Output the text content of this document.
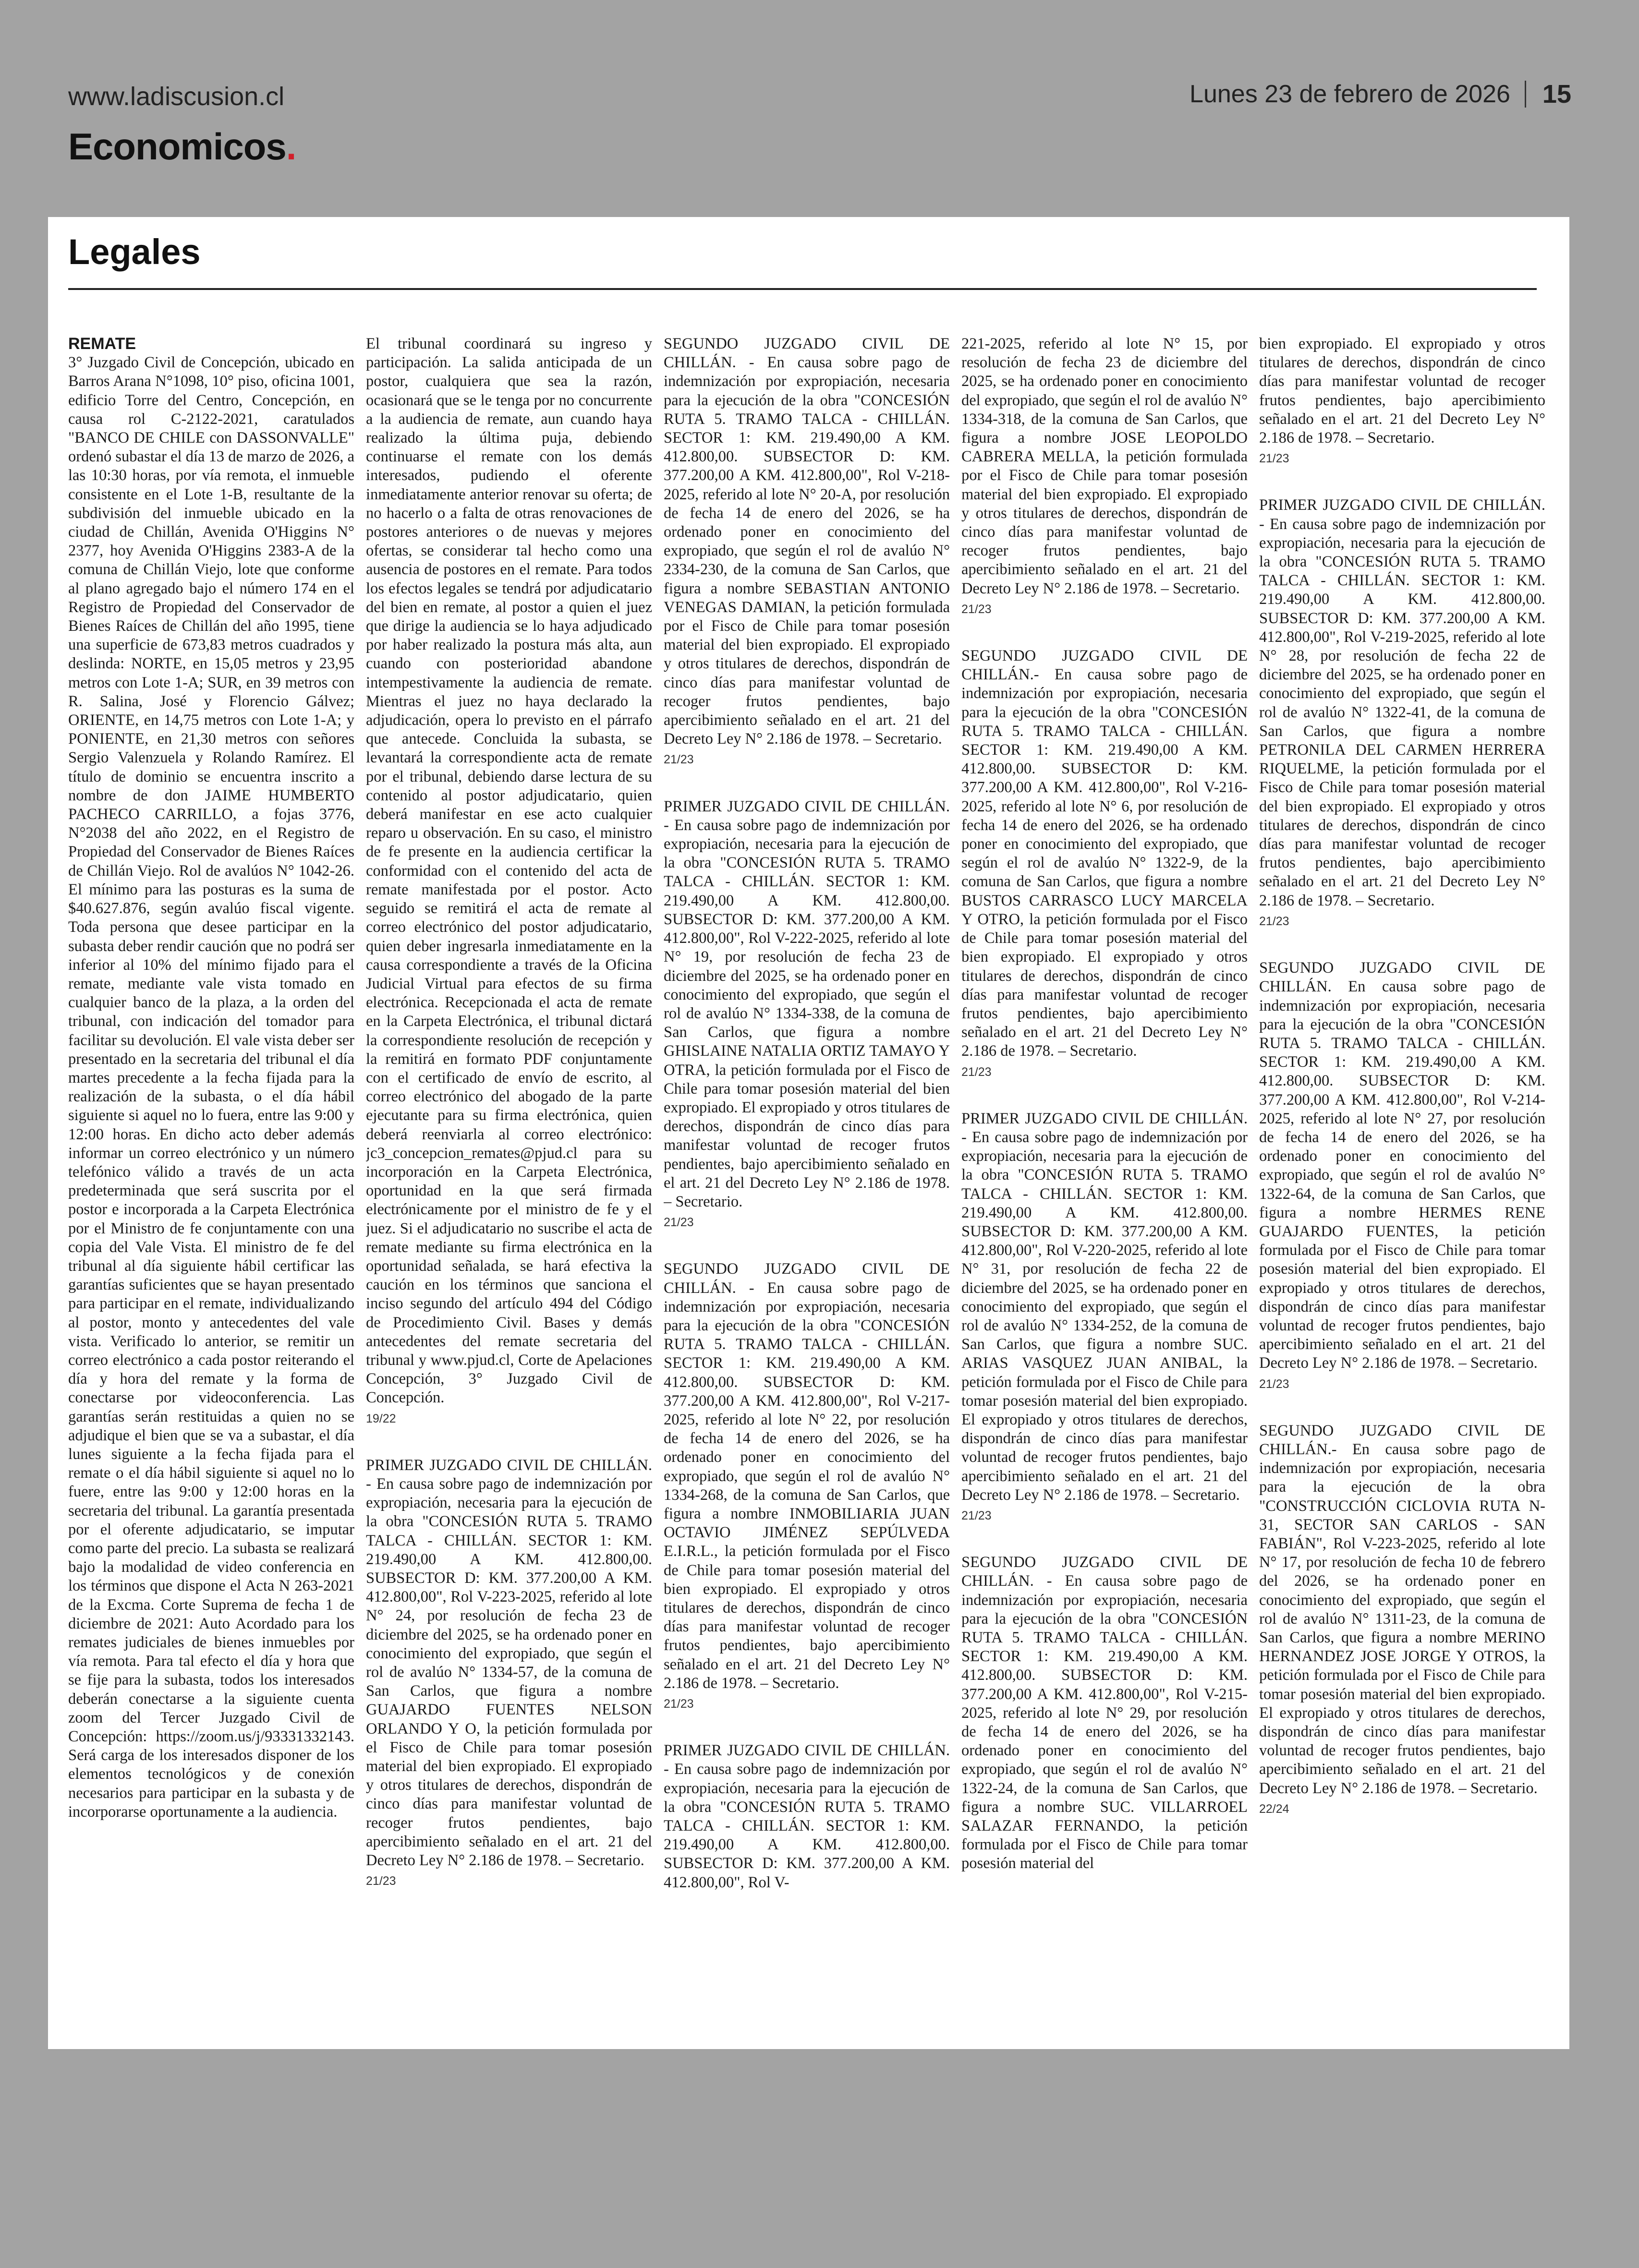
www.ladiscusion.cl	Lunes 23 de febrero de 2026 15
Economicos.
Legales
REMATE

3° Juzgado Civil de Concepción, ubicado en Barros Arana N°1098, 10° piso, oficina 1001, edificio Torre del Centro, Concepción, en causa rol C-2122-2021, caratulados "BANCO DE CHILE con DASSONVALLE" ordenó subastar el día 13 de marzo de 2026, a las 10:30 horas, por vía remota, el inmueble consistente en el Lote 1-B, resultante de la subdivisión del inmueble ubicado en la ciudad de Chillán, Avenida O'Higgins N° 2377, hoy Avenida O'Higgins 2383-A de la comuna de Chillán Viejo, lote que conforme al plano agregado bajo el número 174 en el Registro de Propiedad del Conservador de Bienes Raíces de Chillán del año 1995, tiene una superficie de 673,83 metros cuadrados y deslinda: NORTE, en 15,05 metros y 23,95 metros con Lote 1-A; SUR, en 39 metros con R. Salina, José y Florencio Gálvez; ORIENTE, en 14,75 metros con Lote 1-A; y PONIENTE, en 21,30 metros con señores Sergio Valenzuela y Rolando Ramírez. El título de dominio se encuentra inscrito a nombre de don JAIME HUMBERTO PACHECO CARRILLO, a fojas 3776, N°2038 del año 2022, en el Registro de Propiedad del Conservador de Bienes Raíces de Chillán Viejo. Rol de avalúos N° 1042-26. El mínimo para las posturas es la suma de $40.627.876, según avalúo fiscal vigente. Toda persona que desee participar en la subasta deber rendir caución que no podrá ser inferior al 10% del mínimo fijado para el remate, mediante vale vista tomado en cualquier banco de la plaza, a la orden del tribunal, con indicación del tomador para facilitar su devolución. El vale vista deber ser presentado en la secretaria del tribunal el día martes precedente a la fecha fijada para la realización de la subasta, o el día hábil siguiente si aquel no lo fuera, entre las 9:00 y 12:00 horas. En dicho acto deber además informar un correo electrónico y un número telefónico válido a través de un acta predeterminada que será suscrita por el postor e incorporada a la Carpeta Electrónica por el Ministro de fe conjuntamente con una copia del Vale Vista. El ministro de fe del tribunal al día siguiente hábil certificar las garantías suficientes que se hayan presentado para participar en el remate, individualizando al postor, monto y antecedentes del vale vista. Verificado lo anterior, se remitir un correo electrónico a cada postor reiterando el día y hora del remate y la forma de conectarse por videoconferencia. Las garantías serán restituidas a quien no se adjudique el bien que se va a subastar, el día lunes siguiente a la fecha fijada para el remate o el día hábil siguiente si aquel no lo fuere, entre las 9:00 y 12:00 horas en la secretaria del tribunal. La garantía presentada por el oferente adjudicatario, se imputar como parte del precio. La subasta se realizará bajo la modalidad de video conferencia en los términos que dispone el Acta N 263-2021 de la Excma. Corte Suprema de fecha 1 de diciembre de 2021: Auto Acordado para los remates judiciales de bienes inmuebles por vía remota. Para tal efecto el día y hora que se fije para la subasta, todos los interesados deberán conectarse a la siguiente cuenta zoom del Tercer Juzgado Civil de Concepción: https://zoom.us/j/93331332143. Será carga de los interesados disponer de los elementos tecnológicos y de conexión necesarios para participar en la subasta y de incorporarse oportunamente a la audiencia.

El tribunal coordinará su ingreso y participación. La salida anticipada de un postor, cualquiera que sea la razón, ocasionará que se le tenga por no concurrente a la audiencia de remate, aun cuando haya realizado la última puja, debiendo continuarse el remate con los demás interesados, pudiendo el oferente inmediatamente anterior renovar su oferta; de no hacerlo o a falta de otras renovaciones de postores anteriores o de nuevas y mejores ofertas, se considerar tal hecho como una ausencia de postores en el remate. Para todos los efectos legales se tendrá por adjudicatario del bien en remate, al postor a quien el juez que dirige la audiencia se lo haya adjudicado por haber realizado la postura más alta, aun cuando con posterioridad abandone intempestivamente la audiencia de remate. Mientras el juez no haya declarado la adjudicación, opera lo previsto en el párrafo que antecede. Concluida la subasta, se levantará la correspondiente acta de remate por el tribunal, debiendo darse lectura de su contenido al postor adjudicatario, quien deberá manifestar en ese acto cualquier reparo u observación. En su caso, el ministro de fe presente en la audiencia certificar la conformidad con el contenido del acta de remate manifestada por el postor. Acto seguido se remitirá el acta de remate al correo electrónico del postor adjudicatario, quien deber ingresarla inmediatamente en la causa correspondiente a través de la Oficina Judicial Virtual para efectos de su firma electrónica. Recepcionada el acta de remate en la Carpeta Electrónica, el tribunal dictará la correspondiente resolución de recepción y la remitirá en formato PDF conjuntamente con el certificado de envío de escrito, al correo electrónico del abogado de la parte ejecutante para su firma electrónica, quien deberá reenviarla al correo electrónico: jc3_concepcion_remates@pjud.cl para su incorporación en la Carpeta Electrónica, oportunidad en la que será firmada electrónicamente por el ministro de fe y el juez. Si el adjudicatario no suscribe el acta de remate mediante su firma electrónica en la oportunidad señalada, se hará efectiva la caución en los términos que sanciona el inciso segundo del artículo 494 del Código de Procedimiento Civil. Bases y demás antecedentes del remate secretaria del tribunal y www.pjud.cl, Corte de Apelaciones Concepción, 3° Juzgado Civil de Concepción.

19/22

PRIMER JUZGADO CIVIL DE CHILLÁN. - En causa sobre pago de indemnización por expropiación, necesaria para la ejecución de la obra "CONCESIÓN RUTA 5. TRAMO TALCA - CHILLÁN. SECTOR 1: KM. 219.490,00 A KM. 412.800,00. SUBSECTOR D: KM. 377.200,00 A KM. 412.800,00", Rol V-223-2025, referido al lote N° 24, por resolución de fecha 23 de diciembre del 2025, se ha ordenado poner en conocimiento del expropiado, que según el rol de avalúo N° 1334-57, de la comuna de San Carlos, que figura a nombre GUAJARDO FUENTES NELSON ORLANDO Y O, la petición formulada por el Fisco de Chile para tomar posesión material del bien expropiado. El expropiado y otros titulares de derechos, dispondrán de cinco días para manifestar voluntad de recoger frutos pendientes, bajo apercibimiento señalado en el art. 21 del Decreto Ley N° 2.186 de 1978. – Secretario.

21/23

SEGUNDO JUZGADO CIVIL DE CHILLÁN. - En causa sobre pago de indemnización por expropiación, necesaria para la ejecución de la obra "CONCESIÓN RUTA 5. TRAMO TALCA - CHILLÁN. SECTOR 1: KM. 219.490,00 A KM. 412.800,00. SUBSECTOR D: KM. 377.200,00 A KM. 412.800,00", Rol V-218-2025, referido al lote N° 20-A, por resolución de fecha 14 de enero del 2026, se ha ordenado poner en conocimiento del expropiado, que según el rol de avalúo N° 2334-230, de la comuna de San Carlos, que figura a nombre SEBASTIAN ANTONIO VENEGAS DAMIAN, la petición formulada por el Fisco de Chile para tomar posesión material del bien expropiado. El expropiado y otros titulares de derechos, dispondrán de cinco días para manifestar voluntad de recoger frutos pendientes, bajo apercibimiento señalado en el art. 21 del Decreto Ley N° 2.186 de 1978. – Secretario.

21/23

PRIMER JUZGADO CIVIL DE CHILLÁN. - En causa sobre pago de indemnización por expropiación, necesaria para la ejecución de la obra "CONCESIÓN RUTA 5. TRAMO TALCA - CHILLÁN. SECTOR 1: KM. 219.490,00 A KM. 412.800,00. SUBSECTOR D: KM. 377.200,00 A KM. 412.800,00", Rol V-222-2025, referido al lote N° 19, por resolución de fecha 23 de diciembre del 2025, se ha ordenado poner en conocimiento del expropiado, que según el rol de avalúo N° 1334-338, de la comuna de San Carlos, que figura a nombre GHISLAINE NATALIA ORTIZ TAMAYO Y OTRA, la petición formulada por el Fisco de Chile para tomar posesión material del bien expropiado. El expropiado y otros titulares de derechos, dispondrán de cinco días para manifestar voluntad de recoger frutos pendientes, bajo apercibimiento señalado en el art. 21 del Decreto Ley N° 2.186 de 1978. – Secretario.

21/23

SEGUNDO JUZGADO CIVIL DE CHILLÁN. - En causa sobre pago de indemnización por expropiación, necesaria para la ejecución de la obra "CONCESIÓN RUTA 5. TRAMO TALCA - CHILLÁN. SECTOR 1: KM. 219.490,00 A KM. 412.800,00. SUBSECTOR D: KM. 377.200,00 A KM. 412.800,00", Rol V-217-2025, referido al lote N° 22, por resolución de fecha 14 de enero del 2026, se ha ordenado poner en conocimiento del expropiado, que según el rol de avalúo N° 1334-268, de la comuna de San Carlos, que figura a nombre INMOBILIARIA JUAN OCTAVIO JIMÉNEZ SEPÚLVEDA E.I.R.L., la petición formulada por el Fisco de Chile para tomar posesión material del bien expropiado. El expropiado y otros titulares de derechos, dispondrán de cinco días para manifestar voluntad de recoger frutos pendientes, bajo apercibimiento señalado en el art. 21 del Decreto Ley N° 2.186 de 1978. – Secretario.

21/23

PRIMER JUZGADO CIVIL DE CHILLÁN. - En causa sobre pago de indemnización por expropiación, necesaria para la ejecución de la obra "CONCESIÓN RUTA 5. TRAMO TALCA - CHILLÁN. SECTOR 1: KM. 219.490,00 A KM. 412.800,00. SUBSECTOR D: KM. 377.200,00 A KM. 412.800,00", Rol V-

221-2025, referido al lote N° 15, por resolución de fecha 23 de diciembre del 2025, se ha ordenado poner en conocimiento del expropiado, que según el rol de avalúo N° 1334-318, de la comuna de San Carlos, que figura a nombre JOSE LEOPOLDO CABRERA MELLA, la petición formulada por el Fisco de Chile para tomar posesión material del bien expropiado. El expropiado y otros titulares de derechos, dispondrán de cinco días para manifestar voluntad de recoger frutos pendientes, bajo apercibimiento señalado en el art. 21 del Decreto Ley N° 2.186 de 1978. – Secretario.

21/23

SEGUNDO JUZGADO CIVIL DE CHILLÁN.- En causa sobre pago de indemnización por expropiación, necesaria para la ejecución de la obra "CONCESIÓN RUTA 5. TRAMO TALCA - CHILLÁN. SECTOR 1: KM. 219.490,00 A KM. 412.800,00. SUBSECTOR D: KM. 377.200,00 A KM. 412.800,00", Rol V-216-2025, referido al lote N° 6, por resolución de fecha 14 de enero del 2026, se ha ordenado poner en conocimiento del expropiado, que según el rol de avalúo N° 1322-9, de la comuna de San Carlos, que figura a nombre BUSTOS CARRASCO LUCY MARCELA Y OTRO, la petición formulada por el Fisco de Chile para tomar posesión material del bien expropiado. El expropiado y otros titulares de derechos, dispondrán de cinco días para manifestar voluntad de recoger frutos pendientes, bajo apercibimiento señalado en el art. 21 del Decreto Ley N° 2.186 de 1978. – Secretario.

21/23

PRIMER JUZGADO CIVIL DE CHILLÁN. - En causa sobre pago de indemnización por expropiación, necesaria para la ejecución de la obra "CONCESIÓN RUTA 5. TRAMO TALCA - CHILLÁN. SECTOR 1: KM. 219.490,00 A KM. 412.800,00. SUBSECTOR D: KM. 377.200,00 A KM. 412.800,00", Rol V-220-2025, referido al lote N° 31, por resolución de fecha 22 de diciembre del 2025, se ha ordenado poner en conocimiento del expropiado, que según el rol de avalúo N° 1334-252, de la comuna de San Carlos, que figura a nombre SUC. ARIAS VASQUEZ JUAN ANIBAL, la petición formulada por el Fisco de Chile para tomar posesión material del bien expropiado. El expropiado y otros titulares de derechos, dispondrán de cinco días para manifestar voluntad de recoger frutos pendientes, bajo apercibimiento señalado en el art. 21 del Decreto Ley N° 2.186 de 1978. – Secretario.

21/23

SEGUNDO JUZGADO CIVIL DE CHILLÁN. - En causa sobre pago de indemnización por expropiación, necesaria para la ejecución de la obra "CONCESIÓN RUTA 5. TRAMO TALCA - CHILLÁN. SECTOR 1: KM. 219.490,00 A KM. 412.800,00. SUBSECTOR D: KM. 377.200,00 A KM. 412.800,00", Rol V-215-2025, referido al lote N° 29, por resolución de fecha 14 de enero del 2026, se ha ordenado poner en conocimiento del expropiado, que según el rol de avalúo N° 1322-24, de la comuna de San Carlos, que figura a nombre SUC. VILLARROEL SALAZAR FERNANDO, la petición formulada por el Fisco de Chile para tomar posesión material del

bien expropiado. El expropiado y otros titulares de derechos, dispondrán de cinco días para manifestar voluntad de recoger frutos pendientes, bajo apercibimiento señalado en el art. 21 del Decreto Ley N° 2.186 de 1978. – Secretario.

21/23

PRIMER JUZGADO CIVIL DE CHILLÁN. - En causa sobre pago de indemnización por expropiación, necesaria para la ejecución de la obra "CONCESIÓN RUTA 5. TRAMO TALCA - CHILLÁN. SECTOR 1: KM. 219.490,00 A KM. 412.800,00. SUBSECTOR D: KM. 377.200,00 A KM. 412.800,00", Rol V-219-2025, referido al lote N° 28, por resolución de fecha 22 de diciembre del 2025, se ha ordenado poner en conocimiento del expropiado, que según el rol de avalúo N° 1322-41, de la comuna de San Carlos, que figura a nombre PETRONILA DEL CARMEN HERRERA RIQUELME, la petición formulada por el Fisco de Chile para tomar posesión material del bien expropiado. El expropiado y otros titulares de derechos, dispondrán de cinco días para manifestar voluntad de recoger frutos pendientes, bajo apercibimiento señalado en el art. 21 del Decreto Ley N° 2.186 de 1978. – Secretario.

21/23

SEGUNDO JUZGADO CIVIL DE CHILLÁN. En causa sobre pago de indemnización por expropiación, necesaria para la ejecución de la obra "CONCESIÓN RUTA 5. TRAMO TALCA - CHILLÁN. SECTOR 1: KM. 219.490,00 A KM. 412.800,00. SUBSECTOR D: KM. 377.200,00 A KM. 412.800,00", Rol V-214-2025, referido al lote N° 27, por resolución de fecha 14 de enero del 2026, se ha ordenado poner en conocimiento del expropiado, que según el rol de avalúo N° 1322-64, de la comuna de San Carlos, que figura a nombre HERMES RENE GUAJARDO FUENTES, la petición formulada por el Fisco de Chile para tomar posesión material del bien expropiado. El expropiado y otros titulares de derechos, dispondrán de cinco días para manifestar voluntad de recoger frutos pendientes, bajo apercibimiento señalado en el art. 21 del Decreto Ley N° 2.186 de 1978. – Secretario.

21/23

SEGUNDO JUZGADO CIVIL DE CHILLÁN.- En causa sobre pago de indemnización por expropiación, necesaria para la ejecución de la obra "CONSTRUCCIÓN CICLOVIA RUTA N-31, SECTOR SAN CARLOS - SAN FABIÁN", Rol V-223-2025, referido al lote N° 17, por resolución de fecha 10 de febrero del 2026, se ha ordenado poner en conocimiento del expropiado, que según el rol de avalúo N° 1311-23, de la comuna de San Carlos, que figura a nombre MERINO HERNANDEZ JOSE JORGE Y OTROS, la petición formulada por el Fisco de Chile para tomar posesión material del bien expropiado. El expropiado y otros titulares de derechos, dispondrán de cinco días para manifestar voluntad de recoger frutos pendientes, bajo apercibimiento señalado en el art. 21 del Decreto Ley N° 2.186 de 1978. – Secretario.

22/24
